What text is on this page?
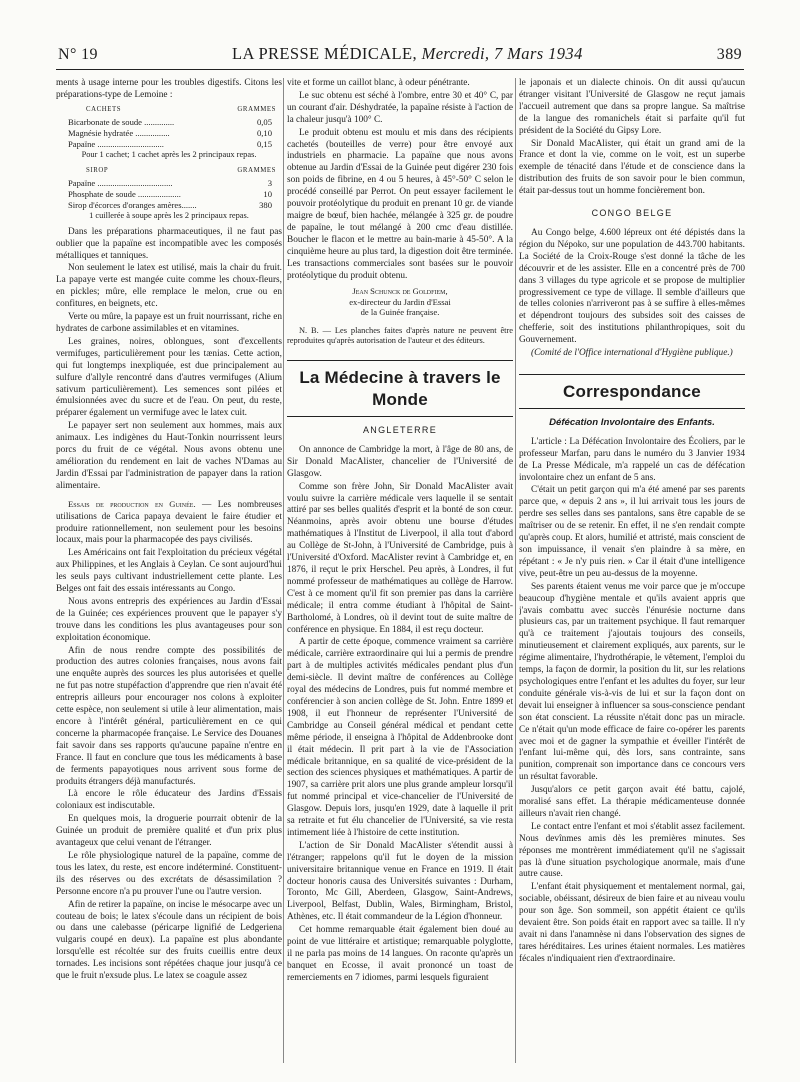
N° 19	LA PRESSE MÉDICALE, Mercredi, 7 Mars 1934	389

ments à usage interne pour les troubles digestifs. Citons les préparations-type de Lemoine :

CACHETS	GRAMMES
Bicarbonate de soude ..............	0,05
Magnésie hydratée ................	0,10
Papaïne ...............................	0,15
Pour 1 cachet; 1 cachet après les 2 principaux repas.
SIROP	GRAMMES
Papaïne ...................................	3
Phosphate de soude ....................	10
Sirop d'écorces d'oranges amères.......	380
1 cuillerée à soupe après les 2 principaux repas.

Dans les préparations pharmaceutiques, il ne faut pas oublier que la papaïne est incompatible avec les composés métalliques et tanniques.

Non seulement le latex est utilisé, mais la chair du fruit. La papaye verte est mangée cuite comme les choux-fleurs, en pickles; mûre, elle remplace le melon, crue ou en confitures, en beignets, etc.

Verte ou mûre, la papaye est un fruit nourrissant, riche en hydrates de carbone assimilables et en vitamines.

Les graines, noires, oblongues, sont d'excellents vermifuges, particulièrement pour les tænias. Cette action, qui fut longtemps inexpliquée, est due principalement au sulfure d'allyle rencontré dans d'autres vermifuges (Alium sativum particulièrement). Les semences sont pilées et émulsionnées avec du sucre et de l'eau. On peut, du reste, préparer également un vermifuge avec le latex cuit.

Le papayer sert non seulement aux hommes, mais aux animaux. Les indigènes du Haut-Tonkin nourrissent leurs porcs du fruit de ce végétal. Nous avons obtenu une amélioration du rendement en lait de vaches N'Damas au Jardin d'Essai par l'administration de papayer dans la ration alimentaire.

Essais de production en Guinée. — Les nombreuses utilisations de Carica papaya devaient le faire étudier et produire rationnellement, non seulement pour les besoins locaux, mais pour la pharmacopée des pays civilisés.

Les Américains ont fait l'exploitation du précieux végétal aux Philippines, et les Anglais à Ceylan. Ce sont aujourd'hui les seuls pays cultivant industriellement cette plante. Les Belges ont fait des essais intéressants au Congo.

Nous avons entrepris des expériences au Jardin d'Essai de la Guinée; ces expériences prouvent que le papayer s'y trouve dans les conditions les plus avantageuses pour son exploitation économique.

Afin de nous rendre compte des possibilités de production des autres colonies françaises, nous avons fait une enquête auprès des sources les plus autorisées et quelle ne fut pas notre stupéfaction d'apprendre que rien n'avait été entrepris ailleurs pour encourager nos colons à exploiter cette espèce, non seulement si utile à leur alimentation, mais encore à l'intérêt général, particulièrement en ce qui concerne la pharmacopée française. Le Service des Douanes fait savoir dans ses rapports qu'aucune papaïne n'entre en France. Il faut en conclure que tous les médicaments à base de ferments papayotiques nous arrivent sous forme de produits étrangers déjà manufacturés.

Là encore le rôle éducateur des Jardins d'Essais coloniaux est indiscutable.

En quelques mois, la droguerie pourrait obtenir de la Guinée un produit de première qualité et d'un prix plus avantageux que celui venant de l'étranger.

Le rôle physiologique naturel de la papaïne, comme de tous les latex, du reste, est encore indéterminé. Constituent-ils des réserves ou des excrétats de désassimilation ? Personne encore n'a pu prouver l'une ou l'autre version.

Afin de retirer la papaïne, on incise le mésocarpe avec un couteau de bois; le latex s'écoule dans un récipient de bois ou dans une calebasse (péricarpe lignifié de Ledgeriena vulgaris coupé en deux). La papaïne est plus abondante lorsqu'elle est récoltée sur des fruits cueillis entre deux tornades. Les incisions sont répétées chaque jour jusqu'à ce que le fruit n'exsude plus. Le latex se coagule assez

vite et forme un caillot blanc, à odeur pénétrante.

Le suc obtenu est séché à l'ombre, entre 30 et 40° C, par un courant d'air. Déshydratée, la papaïne résiste à l'action de la chaleur jusqu'à 100° C.

Le produit obtenu est moulu et mis dans des récipients cachetés (bouteilles de verre) pour être envoyé aux industriels en pharmacie. La papaïne que nous avons obtenue au Jardin d'Essai de la Guinée peut digérer 230 fois son poids de fibrine, en 4 ou 5 heures, à 45°-50° C selon le procédé conseillé par Perrot. On peut essayer facilement le pouvoir protéolytique du produit en prenant 10 gr. de viande maigre de bœuf, bien hachée, mélangée à 325 gr. de poudre de papaïne, le tout mélangé à 200 cmc d'eau distillée. Boucher le flacon et le mettre au bain-marie à 45-50°. A la cinquième heure au plus tard, la digestion doit être terminée. Les transactions commerciales sont basées sur le pouvoir protéolytique du produit obtenu.

Jean Schunck de Goldfiem,
ex-directeur du Jardin d'Essai
de la Guinée française.

N. B. — Les planches faites d'après nature ne peuvent être reproduites qu'après autorisation de l'auteur et des éditeurs.

La Médecine à travers le Monde
ANGLETERRE

On annonce de Cambridge la mort, à l'âge de 80 ans, de Sir Donald MacAlister, chancelier de l'Université de Glasgow.

Comme son frère John, Sir Donald MacAlister avait voulu suivre la carrière médicale vers laquelle il se sentait attiré par ses belles qualités d'esprit et la bonté de son cœur. Néanmoins, après avoir obtenu une bourse d'études mathématiques à l'Institut de Liverpool, il alla tout d'abord au Collège de St-John, à l'Université de Cambridge, puis à l'Université d'Oxford. MacAlister revint à Cambridge et, en 1876, il reçut le prix Herschel. Peu après, à Londres, il fut nommé professeur de mathématiques au collège de Harrow. C'est à ce moment qu'il fit son premier pas dans la carrière médicale; il entra comme étudiant à l'hôpital de Saint-Bartholomé, à Londres, où il devint tout de suite maître de conférence en physique. En 1884, il est reçu docteur.

A partir de cette époque, commence vraiment sa carrière médicale, carrière extraordinaire qui lui a permis de prendre part à de multiples activités médicales pendant plus d'un demi-siècle. Il devint maître de conférences au Collège royal des médecins de Londres, puis fut nommé membre et conférencier à son ancien collège de St. John. Entre 1899 et 1908, il eut l'honneur de représenter l'Université de Cambridge au Conseil général médical et pendant cette même période, il enseigna à l'hôpital de Addenbrooke dont il était médecin. Il prit part à la vie de l'Association médicale britannique, en sa qualité de vice-président de la section des sciences physiques et mathématiques. A partir de 1907, sa carrière prit alors une plus grande ampleur lorsqu'il fut nommé principal et vice-chancelier de l'Université de Glasgow. Depuis lors, jusqu'en 1929, date à laquelle il prit sa retraite et fut élu chancelier de l'Université, sa vie resta intimement liée à l'histoire de cette institution.

L'action de Sir Donald MacAlister s'étendit aussi à l'étranger; rappelons qu'il fut le doyen de la mission universitaire britannique venue en France en 1919. Il était docteur honoris causa des Universités suivantes : Durham, Toronto, Mc Gill, Aberdeen, Glasgow, Saint-Andrews, Liverpool, Belfast, Dublin, Wales, Birmingham, Bristol, Athènes, etc. Il était commandeur de la Légion d'honneur.

Cet homme remarquable était également bien doué au point de vue littéraire et artistique; remarquable polyglotte, il ne parla pas moins de 14 langues. On raconte qu'après un banquet en Ecosse, il avait prononcé un toast de remerciements en 7 idiomes, parmi lesquels figuraient

le japonais et un dialecte chinois. On dit aussi qu'aucun étranger visitant l'Université de Glasgow ne reçut jamais l'accueil autrement que dans sa propre langue. Sa maîtrise de la langue des romanichels était si parfaite qu'il fut président de la Société du Gipsy Lore.

Sir Donald MacAlister, qui était un grand ami de la France et dont la vie, comme on le voit, est un superbe exemple de ténacité dans l'étude et de conscience dans la distribution des fruits de son savoir pour le bien commun, était par-dessus tout un homme foncièrement bon.

CONGO BELGE

Au Congo belge, 4.600 lépreux ont été dépistés dans la région du Népoko, sur une population de 443.700 habitants. La Société de la Croix-Rouge s'est donné la tâche de les découvrir et de les assister. Elle en a concentré près de 700 dans 3 villages du type agricole et se propose de multiplier progressivement ce type de village. Il semble d'ailleurs que de telles colonies n'arriveront pas à se suffire à elles-mêmes et dépendront toujours des subsides soit des caisses de chefferie, soit des institutions philanthropiques, soit du Gouvernement.

(Comité de l'Office international d'Hygiène publique.)

Correspondance
Défécation Involontaire des Enfants.

L'article : La Défécation Involontaire des Écoliers, par le professeur Marfan, paru dans le numéro du 3 Janvier 1934 de La Presse Médicale, m'a rappelé un cas de défécation involontaire chez un enfant de 5 ans.

C'était un petit garçon qui m'a été amené par ses parents parce que, « depuis 2 ans », il lui arrivait tous les jours de perdre ses selles dans ses pantalons, sans être capable de se maîtriser ou de se retenir. En effet, il ne s'en rendait compte qu'après coup. Et alors, humilié et attristé, mais conscient de son impuissance, il venait s'en plaindre à sa mère, en répétant : « Je n'y puis rien. » Car il était d'une intelligence vive, peut-être un peu au-dessus de la moyenne.

Ses parents étaient venus me voir parce que je m'occupe beaucoup d'hygiène mentale et qu'ils avaient appris que j'avais combattu avec succès l'énurésie nocturne dans plusieurs cas, par un traitement psychique. Il faut remarquer qu'à ce traitement j'ajoutais toujours des conseils, minutieusement et clairement expliqués, aux parents, sur le régime alimentaire, l'hydrothérapie, le vêtement, l'emploi du temps, la façon de dormir, la position du lit, sur les relations psychologiques entre l'enfant et les adultes du foyer, sur leur conduite générale vis-à-vis de lui et sur la façon dont on devait lui enseigner à influencer sa sous-conscience pendant son état conscient. La réussite n'était donc pas un miracle. Ce n'était qu'un mode efficace de faire co-opérer les parents avec moi et de gagner la sympathie et éveiller l'intérêt de l'enfant lui-même qui, dès lors, sans contrainte, sans punition, comprenait son importance dans ce concours vers un résultat favorable.

Jusqu'alors ce petit garçon avait été battu, cajolé, moralisé sans effet. La thérapie médicamenteuse donnée ailleurs n'avait rien changé.

Le contact entre l'enfant et moi s'établit assez facilement. Nous devînmes amis dès les premières minutes. Ses réponses me montrèrent immédiatement qu'il ne s'agissait pas là d'une situation psychologique anormale, mais d'une autre cause.

L'enfant était physiquement et mentalement normal, gai, sociable, obéissant, désireux de bien faire et au niveau voulu pour son âge. Son sommeil, son appétit étaient ce qu'ils devaient être. Son poids était en rapport avec sa taille. Il n'y avait ni dans l'anamnèse ni dans l'observation des signes de tares héréditaires. Les urines étaient normales. Les matières fécales n'indiquaient rien d'extraordinaire.
